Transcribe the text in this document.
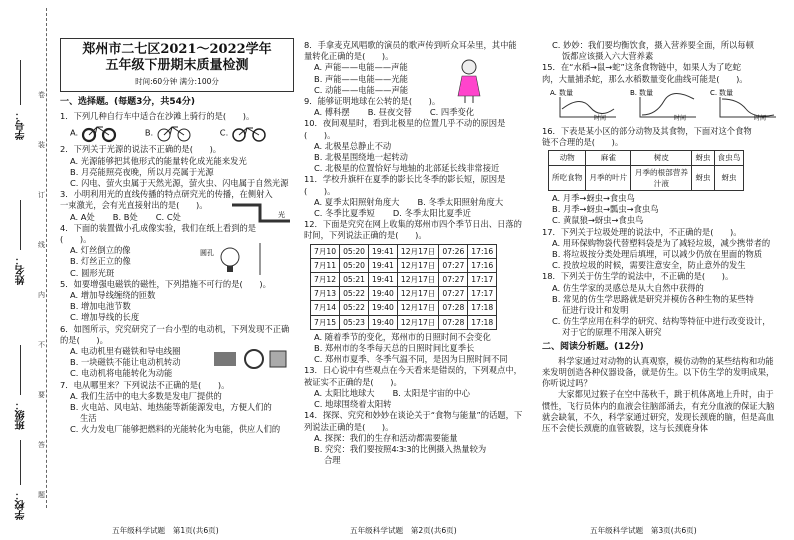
学号：
姓名：
班级：
学校：
卷
装
订
线
内
不
要
答
题
郑州市二七区2021～2022学年
五年级下册期末质量检测
时间:60分钟 满分:100分
一、选择题。(每题3分，共54分)
1．下列几种自行车中适合在沙滩上骑行的是(　　)。
A.	B.	C.
2．下列关于光源的说法不正确的是(　　)。
A. 光源能够把其他形式的能量转化成光能来发光
B. 月亮能照亮夜晚，所以月亮属于光源
C. 闪电、萤火虫属于天然光源，萤火虫、闪电属于自然光源
3．小明利用光的直线传播的特点研究光的传播，在侧射入
一束激光，会有光直接射出的是(　　)。
A. A处 B. B处 C. C处	光
4．下面的装置做小孔成像实验，我们在纸上看到的是
(　　)。
A. 灯丝倒立的像
B. 灯丝正立的像
C. 圆形光斑
圆孔
5．如要增强电磁铁的磁性，下列措施不可行的是(　　)。
A. 增加导线缠绕的匝数
B. 增加电池节数
C. 增加导线的长度
6．如图所示，究究研究了一台小型的电动机，下列发现不正确
的是(　　)。
A. 电动机里有磁铁和导电线圈
B. 一块磁铁不能让电动机转动
C. 电动机将电能转化为动能
7．电从哪里来？下列说法不正确的是(　　)。
A. 我们生活中的电大多数是发电厂提供的
B. 火电站、风电站、地热能等新能源发电，方便人们的
生活
C. 火力发电厂能够把燃料的光能转化为电能，供应人们的
8．手拿麦克风唱歌的演员的歌声传到听众耳朵里，其中能
量转化正确的是(　　)。
A. 声能——电能——声能
B. 声能——电能——光能
C. 动能——电能——声能
9．能够证明地球在公转的是(　　)。
A. 傅科摆 B. 昼夜交替 C. 四季变化
10．夜间观星时，看到北极星的位置几乎不动的原因是
(　　)。
A. 北极星总静止不动
B. 北极星围绕地一起转动
C. 北极星的位置恰好与地轴的北部延长线非常接近
11．学校升旗杆在夏季的影长比冬季的影长短，原因是(　　)。
A. 夏季太阳照射角度大 B. 冬季太阳照射角度大
C. 冬季比夏季短 D. 冬季太阳比夏季近
12．下面是究究在网上收集的郑州市四个季节日出、日落的
时间，下列说法正确的是(　　)。
7月10	05:20	19:41	12月17日	07:26	17:16
7月11	05:20	19:41	12月17日	07:27	17:16
7月12	05:21	19:41	12月17日	07:27	17:17
7月13	05:22	19:40	12月17日	07:27	17:17
7月14	05:22	19:40	12月17日	07:28	17:18
7月15	05:23	19:40	12月17日	07:28	17:18
A. 随着季节的变化，郑州市的日照时间不会变化
B. 郑州市的冬季每天总的日照时间比夏季长
C. 郑州市夏季、冬季气温不同，是因为日照时间不同
13．日心说中有些观点在今天看来是错误的，下列观点中，
被证实不正确的是(　　)。
A. 太阳比地球大 B. 太阳是宇宙的中心
C. 地球围绕着太阳转
14．探探、究究和妙妙在谈论关于“食物与能量”的话题，下
列说法正确的是(　　)。
A. 探探：我们的生存和活动都需要能量
B. 究究：我们要按照4∶3∶3的比例摄入热量较为
合理
C. 妙妙：我们要均衡饮食，摄入营养要全面，所以每顿
饭都应该摄入六大营养素
15．在“水稻→鼠→蛇”这条食物链中，如果人为了吃蛇
肉，大量捕杀蛇，那么水稻数量变化曲线可能是(　　)。
A. 数量
时间
B. 数量
时间
C. 数量
时间
16．下表是某小区的部分动物及其食物，下面对这个食物
链不合理的是(　　)。
动物	麻雀	树皮	蚜虫	食虫鸟
所吃食物	月季的叶片	月季的根部营养汁液	蚜虫	蚜虫
A. 月季→蚜虫→食虫鸟
B. 月季→蚜虫→瓢虫→食虫鸟
C. 黄鼠狼→蚜虫→食虫鸟
17．下列关于垃圾处理的说法中，不正确的是(　　)。
A. 用环保购物袋代替塑料袋是为了减轻垃圾，减少携带者的
B. 将垃圾按分类处理后填埋，可以减少仍放在里面的物质
C. 投放垃圾的时候，需要注意安全，防止意外的发生
18．下列关于仿生学的说法中，不正确的是(　　)。
A. 仿生学家的灵感总是从大自然中获得的
B. 常见的仿生学思路就是研究并模仿各种生物的某些特
征进行设计和发明
C. 仿生学应用在科学的研究、结构等特征中进行改变设计，
对于它的原理不用深入研究
二、阅读分析题。(12分)
科学家通过对动物的认真观察，模仿动物的某些结构和功能来发明创造各种仪器设备，就是仿生。以下仿生学的发明成果，你听说过吗？
大家都见过猴子在空中荡秋千，跳于机体离地上升时，由于惯性，飞行员体内的血液会往脑部涌去，有充分血液的保证大脑就会缺氧，不久，科学家通过研究，发现长颈鹿的脑，但是高血压不会使长颈鹿的血管破裂，这与长颈鹿身体
五年级科学试题　第1页(共6页)	五年级科学试题　第2页(共6页)	五年级科学试题　第3页(共6页)
